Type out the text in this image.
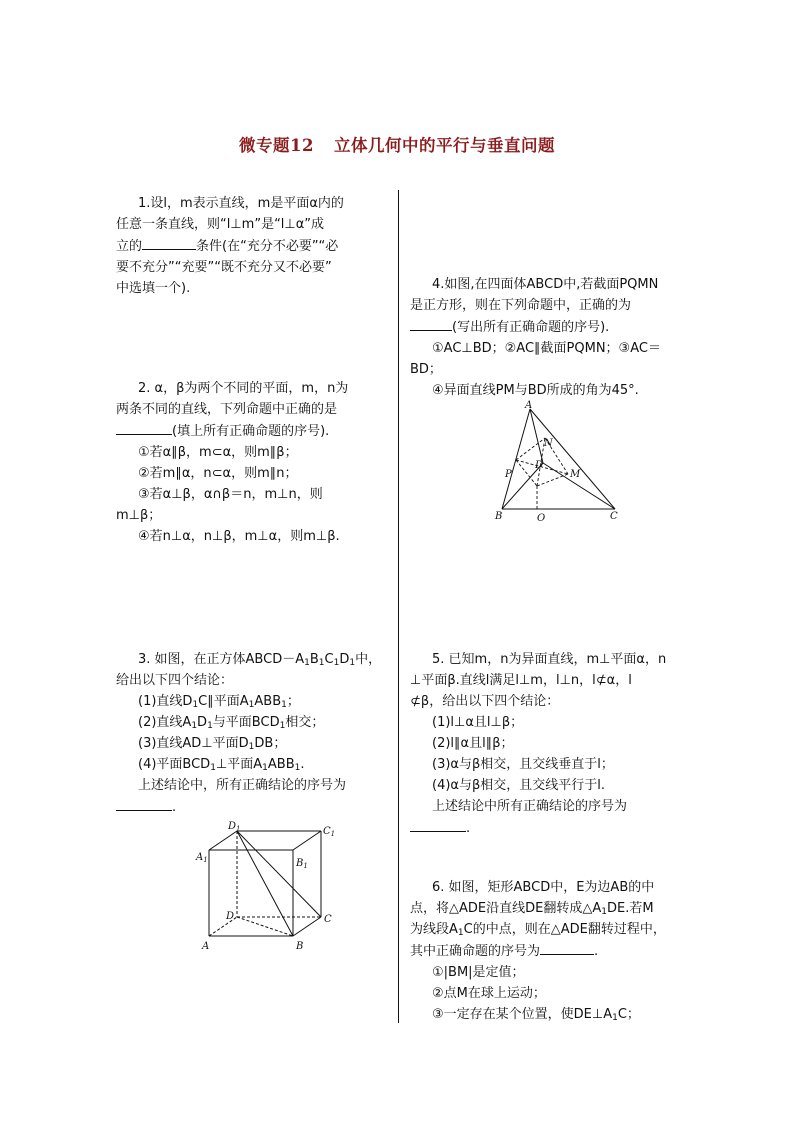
微专题12 立体几何中的平行与垂直问题
1.设l，m表示直线，m是平面α内的
任意一条直线，则“l⊥m”是“l⊥α”成
立的	条件(在“充分不必要”“必
要不充分”“充要”“既不充分又不必要”
中选填一个).
2. α，β为两个不同的平面，m，n为
两条不同的直线，下列命题中正确的是
(填上所有正确命题的序号).
①若α∥β，m⊂α，则m∥β；
②若m∥α，n⊂α，则m∥n；
③若α⊥β，α∩β＝n，m⊥n，则
m⊥β；
④若n⊥α，n⊥β，m⊥α，则m⊥β.
3. 如图，在正方体$ABCD-A_1B_1C_1D_1$中，
给出以下四个结论：
(1)直线$D_1C\parallel$平面$A_1ABB_1$；
(2)直线$A_1D_1$与平面$BCD_1$相交；
(3)直线AD⊥平面$D_1DB$；
(4)平面$BCD_1\perp$平面$A_1ABB_1$.
上述结论中，所有正确结论的序号为
.
$D_1$	$C_1$
$A_1$	$B_1$
D	C
A	B
4.如图,在四面体ABCD中,若截面PQMN
是正方形，则在下列命题中，正确的为
(写出所有正确命题的序号).
①AC⊥BD；②AC∥截面PQMN；③AC＝
BD；
④异面直线PM与BD所成的角为45°.
A
N
D
M
P
B	O	C
5. 已知m，n为异面直线，m⊥平面α，n
⊥平面β.直线l满足l⊥m，l⊥n，l⊄α，l
⊄β，给出以下四个结论：
(1)l⊥α且l⊥β；
(2)l∥α且l∥β；
(3)α与β相交，且交线垂直于l；
(4)α与β相交，且交线平行于l.
上述结论中所有正确结论的序号为
.
6. 如图，矩形ABCD中，E为边AB的中
点，将△ADE沿直线DE翻转成$\triangle A_1DE$.若M
为线段$A_1C$的中点，则在△ADE翻转过程中，
其中正确命题的序号为	.
①|BM|是定值；
②点M在球上运动；
③一定存在某个位置，使$DE\perp A_1C$；
